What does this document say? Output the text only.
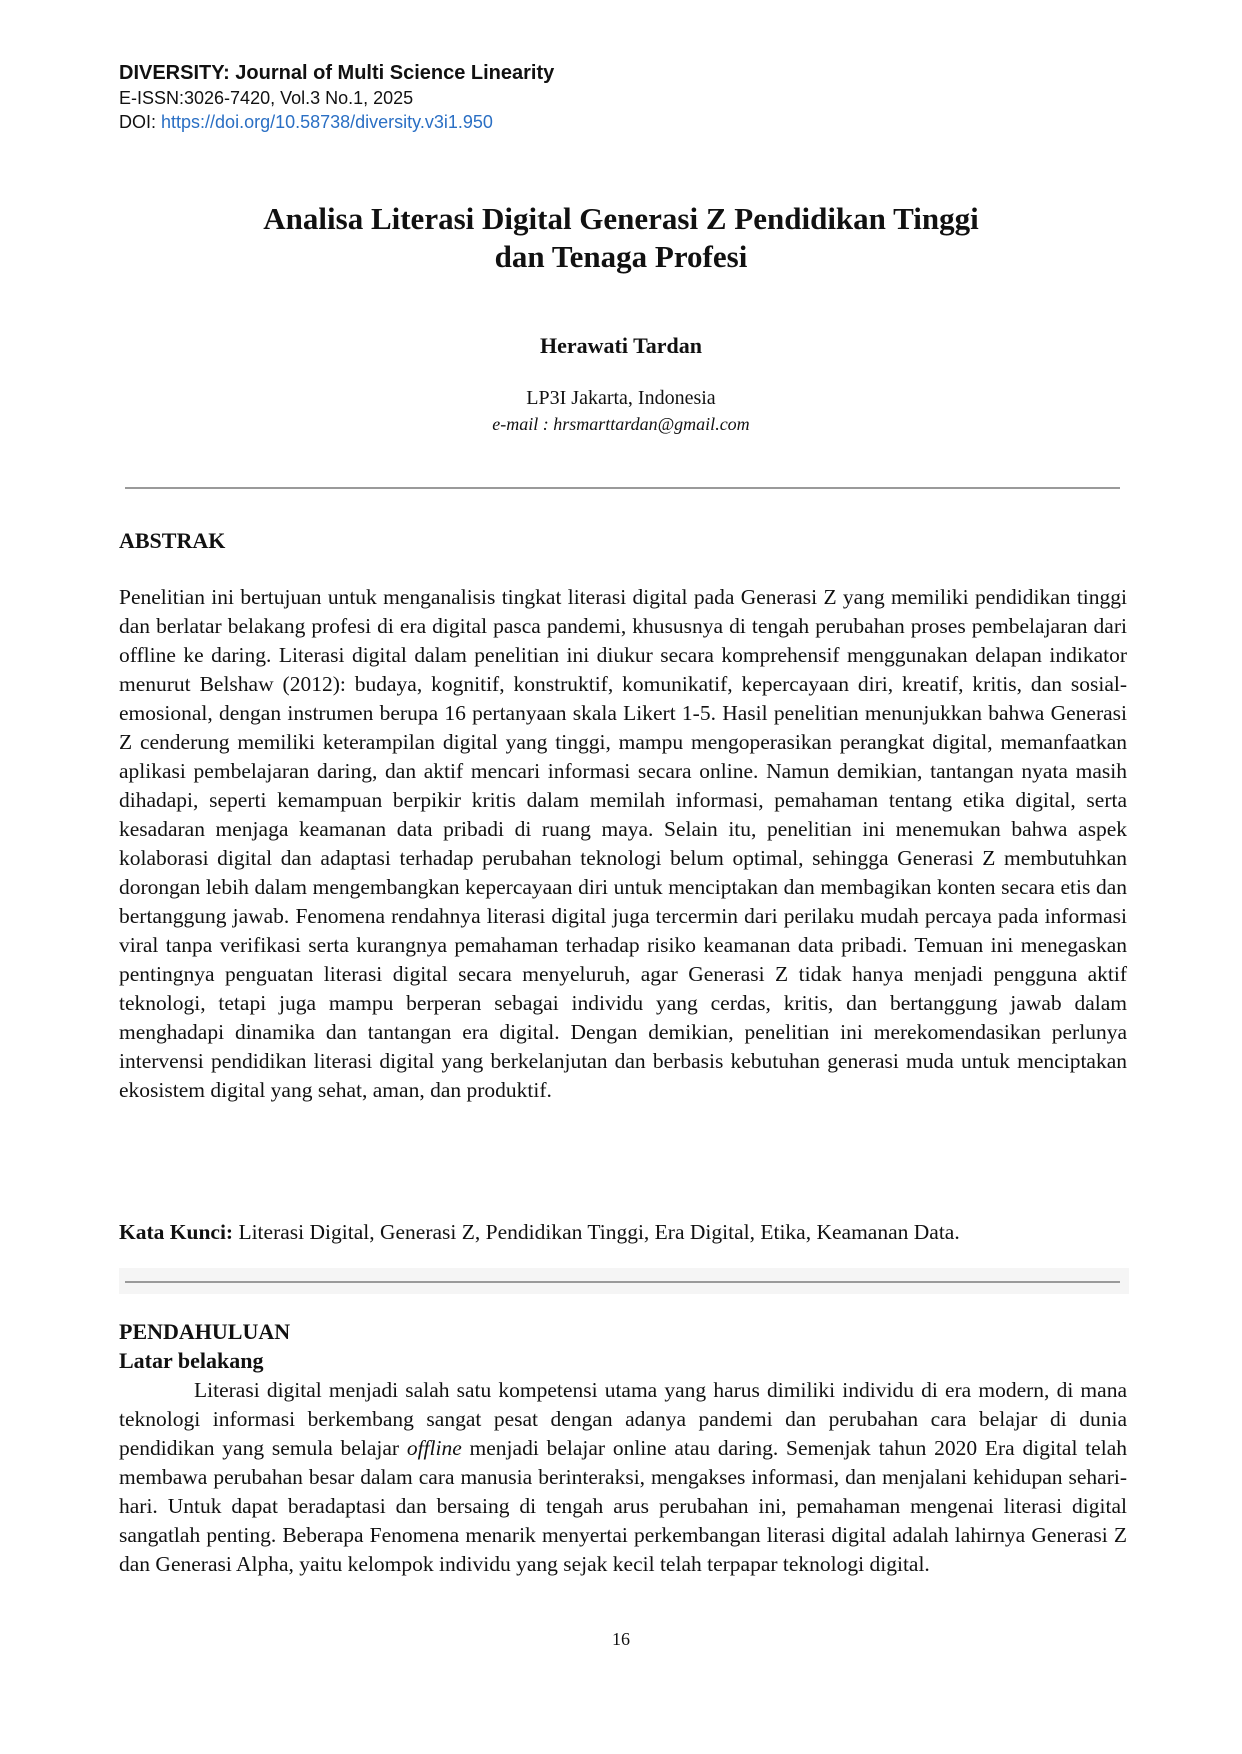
DIVERSITY: Journal of Multi Science Linearity
E-ISSN:3026-7420, Vol.3 No.1, 2025
DOI: https://doi.org/10.58738/diversity.v3i1.950
Analisa Literasi Digital Generasi Z Pendidikan Tinggi
dan Tenaga Profesi
Herawati Tardan
LP3I Jakarta, Indonesia
e-mail : hrsmarttardan@gmail.com
ABSTRAK
Penelitian ini bertujuan untuk menganalisis tingkat literasi digital pada Generasi Z yang memiliki pendidikan tinggi dan berlatar belakang profesi di era digital pasca pandemi, khususnya di tengah perubahan proses pembelajaran dari offline ke daring. Literasi digital dalam penelitian ini diukur secara komprehensif menggunakan delapan indikator menurut Belshaw (2012): budaya, kognitif, konstruktif, komunikatif, kepercayaan diri, kreatif, kritis, dan sosial-emosional, dengan instrumen berupa 16 pertanyaan skala Likert 1-5. Hasil penelitian menunjukkan bahwa Generasi Z cenderung memiliki keterampilan digital yang tinggi, mampu mengoperasikan perangkat digital, memanfaatkan aplikasi pembelajaran daring, dan aktif mencari informasi secara online. Namun demikian, tantangan nyata masih dihadapi, seperti kemampuan berpikir kritis dalam memilah informasi, pemahaman tentang etika digital, serta kesadaran menjaga keamanan data pribadi di ruang maya. Selain itu, penelitian ini menemukan bahwa aspek kolaborasi digital dan adaptasi terhadap perubahan teknologi belum optimal, sehingga Generasi Z membutuhkan dorongan lebih dalam mengembangkan kepercayaan diri untuk menciptakan dan membagikan konten secara etis dan bertanggung jawab. Fenomena rendahnya literasi digital juga tercermin dari perilaku mudah percaya pada informasi viral tanpa verifikasi serta kurangnya pemahaman terhadap risiko keamanan data pribadi. Temuan ini menegaskan pentingnya penguatan literasi digital secara menyeluruh, agar Generasi Z tidak hanya menjadi pengguna aktif teknologi, tetapi juga mampu berperan sebagai individu yang cerdas, kritis, dan bertanggung jawab dalam menghadapi dinamika dan tantangan era digital. Dengan demikian, penelitian ini merekomendasikan perlunya intervensi pendidikan literasi digital yang berkelanjutan dan berbasis kebutuhan generasi muda untuk menciptakan ekosistem digital yang sehat, aman, dan produktif.
Kata Kunci: Literasi Digital, Generasi Z, Pendidikan Tinggi, Era Digital, Etika, Keamanan Data.
PENDAHULUAN
Latar belakang
Literasi digital menjadi salah satu kompetensi utama yang harus dimiliki individu di era modern, di mana teknologi informasi berkembang sangat pesat dengan adanya pandemi dan perubahan cara belajar di dunia pendidikan yang semula belajar offline menjadi belajar online atau daring. Semenjak tahun 2020 Era digital telah membawa perubahan besar dalam cara manusia berinteraksi, mengakses informasi, dan menjalani kehidupan sehari-hari. Untuk dapat beradaptasi dan bersaing di tengah arus perubahan ini, pemahaman mengenai literasi digital sangatlah penting. Beberapa Fenomena menarik menyertai perkembangan literasi digital adalah lahirnya Generasi Z dan Generasi Alpha, yaitu kelompok individu yang sejak kecil telah terpapar teknologi digital.
16
